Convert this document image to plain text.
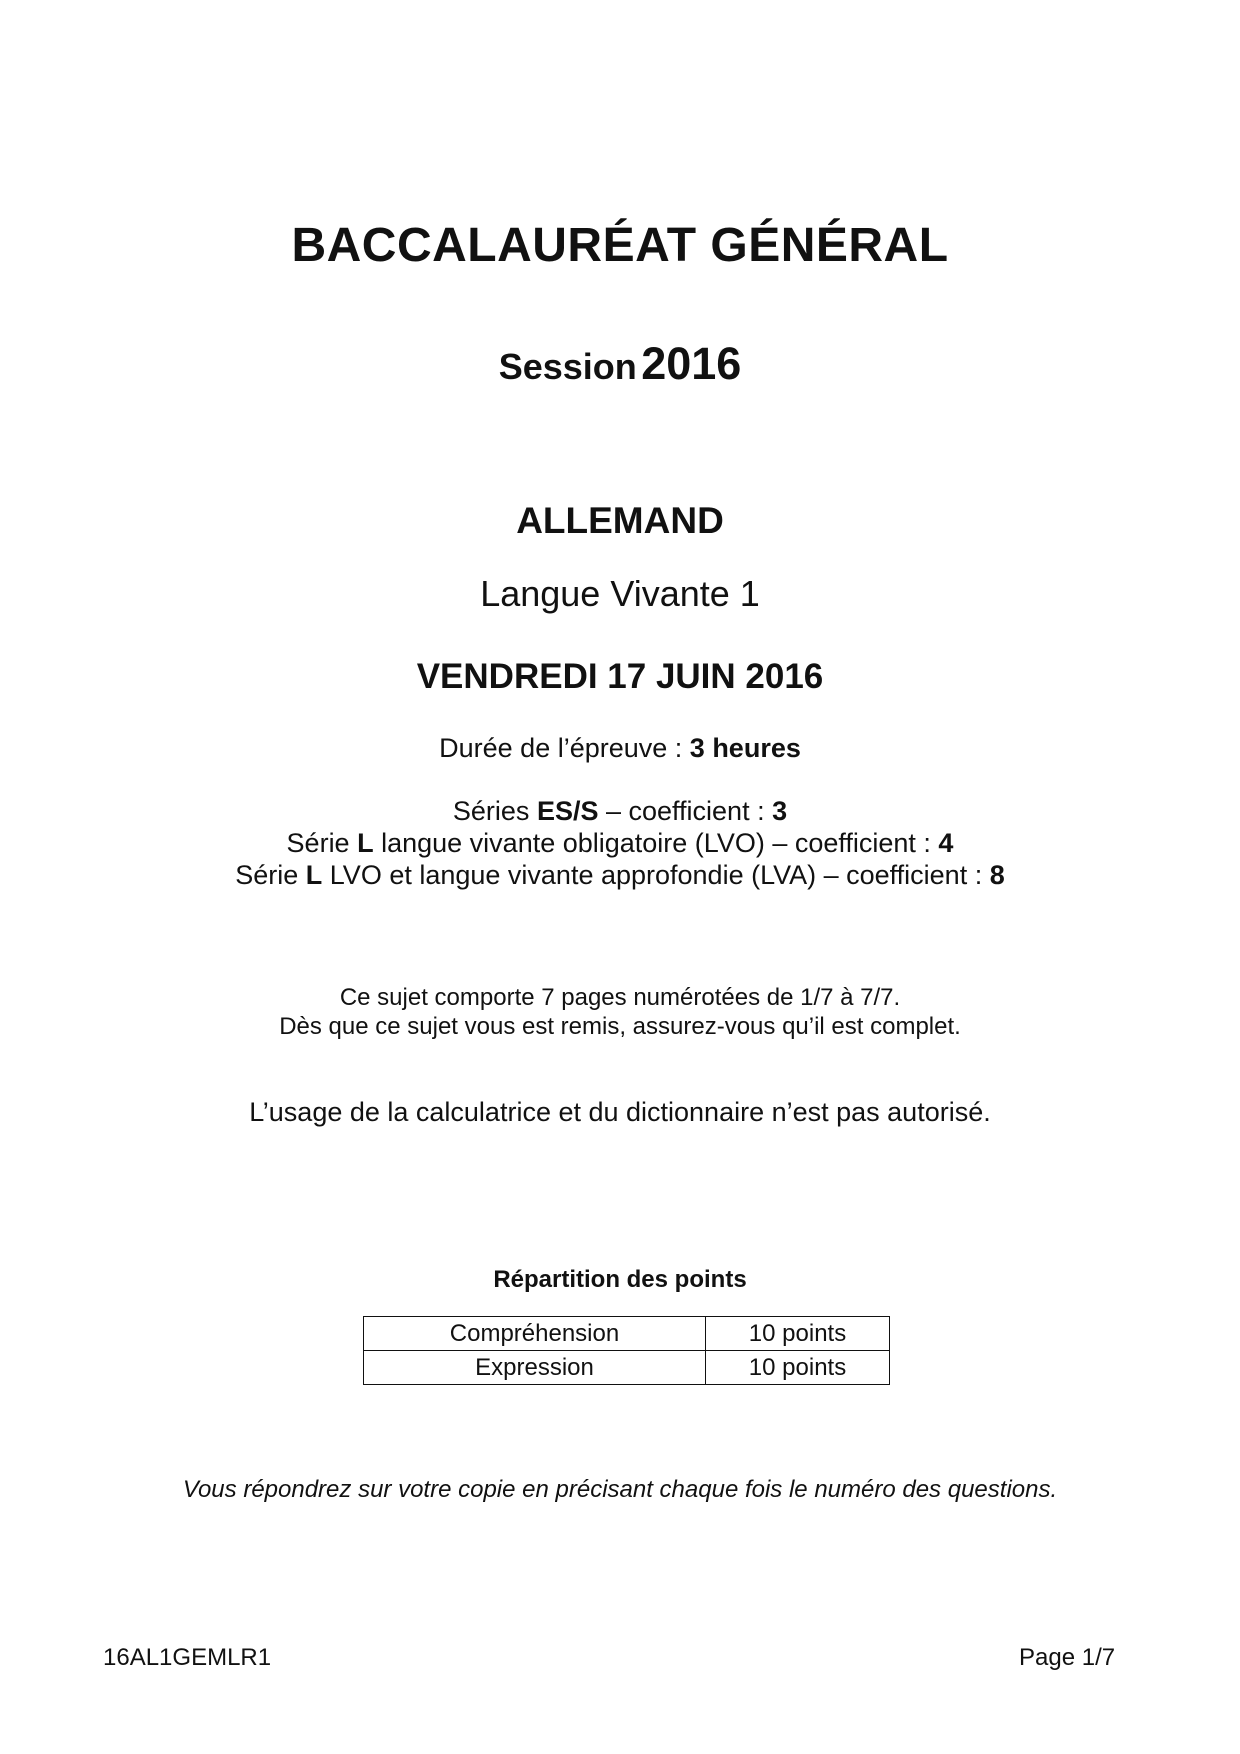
BACCALAURÉAT GÉNÉRAL
Session 2016
ALLEMAND
Langue Vivante 1
VENDREDI 17 JUIN 2016
Durée de l’épreuve : 3 heures
Séries ES/S – coefficient : 3
Série L langue vivante obligatoire (LVO) – coefficient : 4
Série L LVO et langue vivante approfondie (LVA) – coefficient : 8
Ce sujet comporte 7 pages numérotées de 1/7 à 7/7.
Dès que ce sujet vous est remis, assurez-vous qu’il est complet.
L’usage de la calculatrice et du dictionnaire n’est pas autorisé.
Répartition des points
Compréhension	10 points
Expression	10 points
Vous répondrez sur votre copie en précisant chaque fois le numéro des questions.
16AL1GEMLR1	Page 1/7
